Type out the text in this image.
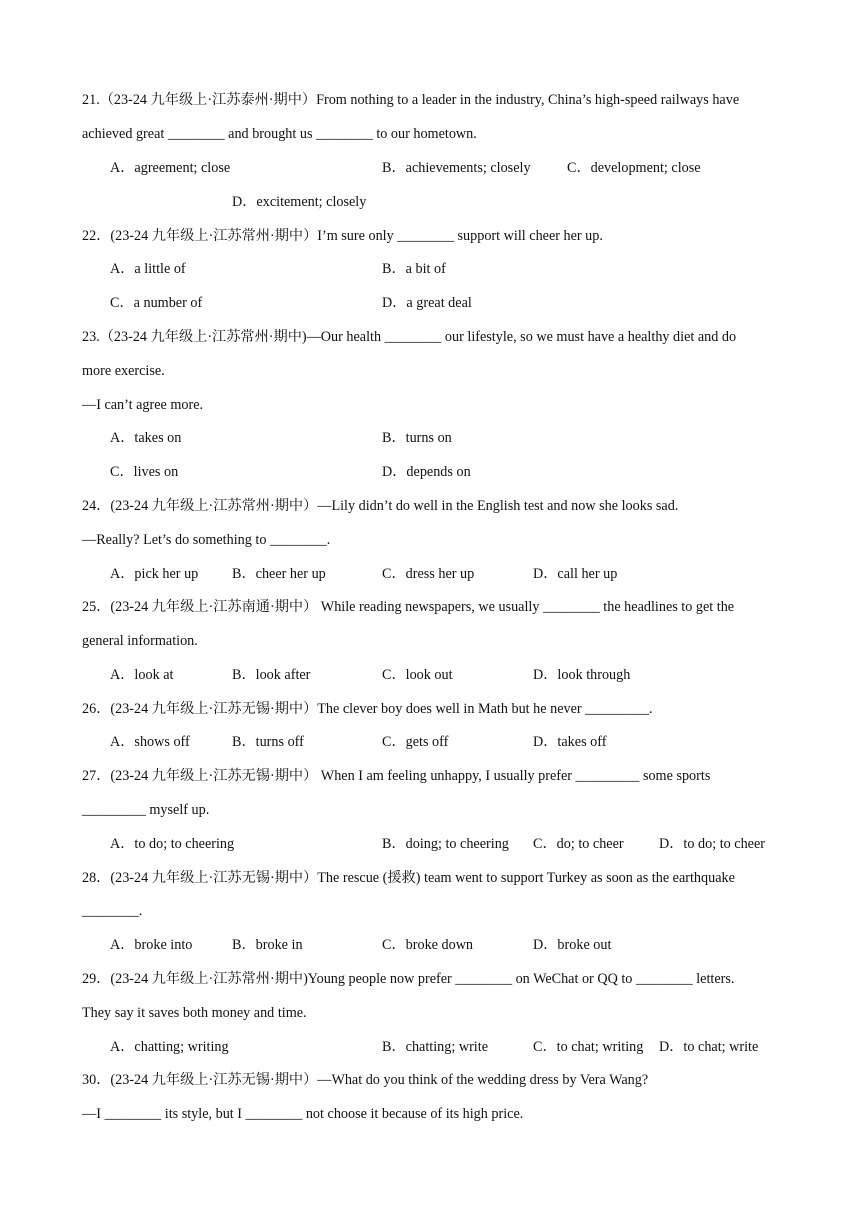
21.（23-24 九年级上·江苏泰州·期中）From nothing to a leader in the industry, China’s high-speed railways have
achieved great ________ and brought us ________ to our hometown.
A．agreement; close	B．achievements; closely	C．development; close
D．excitement; closely
22．(23-24 九年级上·江苏常州·期中）I’m sure only ________ support will cheer her up.
A．a little of	B．a bit of
C．a number of	D．a great deal
23.（23-24 九年级上·江苏常州·期中)—Our health ________ our lifestyle, so we must have a healthy diet and do
more exercise.
—I can’t agree more.
A．takes on	B．turns on
C．lives on	D．depends on
24．(23-24 九年级上·江苏常州·期中）—Lily didn’t do well in the English test and now she looks sad.
—Really? Let’s do something to ________.
A．pick her up B．cheer her up	C．dress her up	D．call her up
25．(23-24 九年级上·江苏南通·期中） While reading newspapers, we usually ________ the headlines to get the
general information.
A．look at	B．look after	C．look out	D．look through
26．(23-24 九年级上·江苏无锡·期中）The clever boy does well in Math but he never _________.
A．shows off	B．turns off	C．gets off	D．takes off
27．(23-24 九年级上·江苏无锡·期中） When I am feeling unhappy, I usually prefer _________ some sports
_________ myself up.
A．to do; to cheering	B．doing; to cheering C．do; to cheer D．to do; to cheer
28．(23-24 九年级上·江苏无锡·期中）The rescue (援救) team went to support Turkey as soon as the earthquake
________.
A．broke into	B．broke in	C．broke down	D．broke out
29．(23-24 九年级上·江苏常州·期中)Young people now prefer ________ on WeChat or QQ to ________ letters.
They say it saves both money and time.
A．chatting; writing	B．chatting; write	C．to chat; writing D．to chat; write
30．(23-24 九年级上·江苏无锡·期中）—What do you think of the wedding dress by Vera Wang?
—I ________ its style, but I ________ not choose it because of its high price.
